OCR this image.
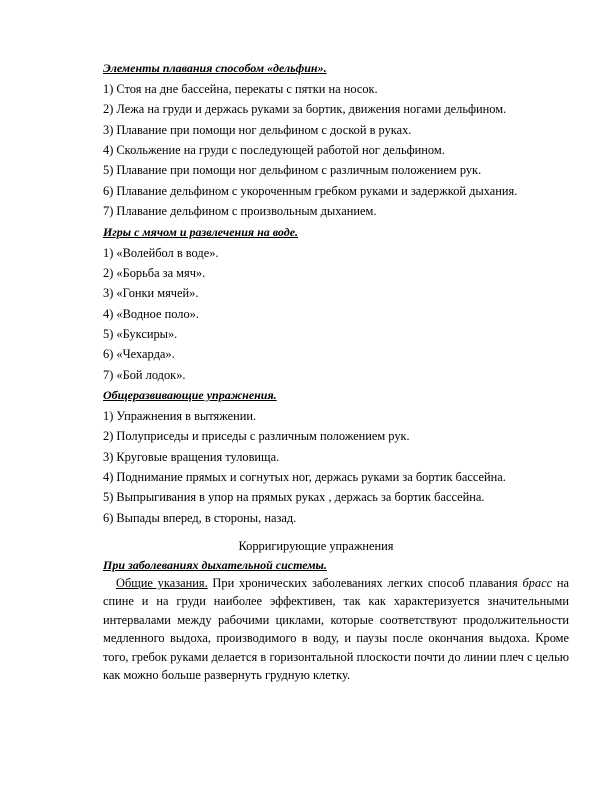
Элементы плавания способом «дельфин».
1) Стоя на дне бассейна, перекаты с пятки на носок.
2) Лежа на груди и держась руками за бортик, движения ногами дельфином.
3) Плавание при помощи ног дельфином с доской в руках.
4) Скольжение на груди с последующей работой ног дельфином.
5) Плавание при помощи ног дельфином с различным положением рук.
6) Плавание дельфином с укороченным гребком руками и задержкой дыхания.
7) Плавание дельфином с произвольным дыханием.
Игры с мячом и развлечения на воде.
1) «Волейбол в воде».
2) «Борьба за мяч».
3) «Гонки мячей».
4) «Водное поло».
5) «Буксиры».
6) «Чехарда».
7) «Бой лодок».
Общеразвивающие упражнения.
1) Упражнения в вытяжении.
2) Полуприседы и приседы с различным положением рук.
3) Круговые вращения туловища.
4) Поднимание прямых и согнутых ног, держась руками за бортик бассейна.
5) Выпрыгивания в упор на прямых руках , держась за бортик бассейна.
6) Выпады вперед, в стороны, назад.
Корригирующие упражнения
При заболеваниях дыхательной системы.
Общие указания. При хронических заболеваниях легких способ плавания брасс на спине и на груди наиболее эффективен, так как характеризуется значительными интервалами между рабочими циклами, которые соответствуют продолжительности медленного выдоха, производимого в воду, и паузы после окончания выдоха. Кроме того, гребок руками делается в горизонтальной плоскости почти до линии плеч с целью как можно больше развернуть грудную клетку.
